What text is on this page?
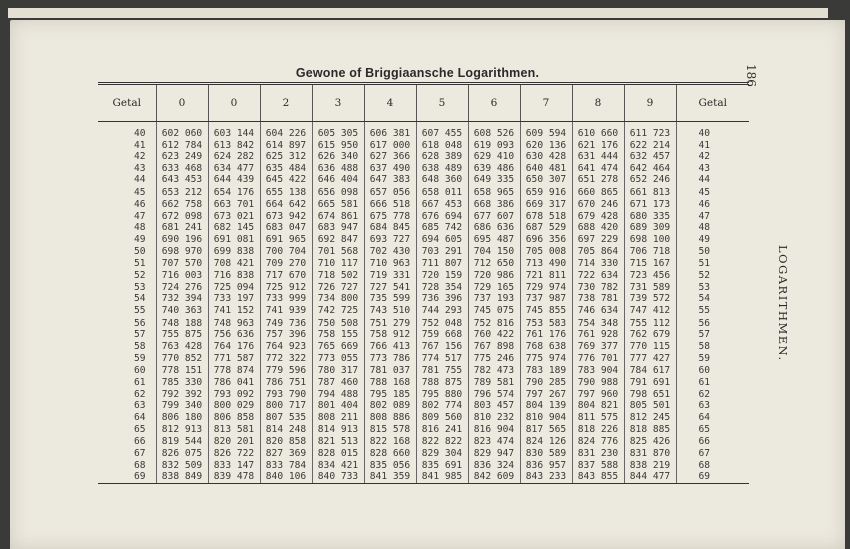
Gewone of Briggiaansche Logarithmen.	186
LOGARITHMEN.
Getal	0	0	2	3	4	5	6	7	8	9	Getal
40	602 060	603 144	604 226	605 305	606 381	607 455	608 526	609 594	610 660	611 723	40
41	612 784	613 842	614 897	615 950	617 000	618 048	619 093	620 136	621 176	622 214	41
42	623 249	624 282	625 312	626 340	627 366	628 389	629 410	630 428	631 444	632 457	42
43	633 468	634 477	635 484	636 488	637 490	638 489	639 486	640 481	641 474	642 464	43
44	643 453	644 439	645 422	646 404	647 383	648 360	649 335	650 307	651 278	652 246	44
45	653 212	654 176	655 138	656 098	657 056	658 011	658 965	659 916	660 865	661 813	45
46	662 758	663 701	664 642	665 581	666 518	667 453	668 386	669 317	670 246	671 173	46
47	672 098	673 021	673 942	674 861	675 778	676 694	677 607	678 518	679 428	680 335	47
48	681 241	682 145	683 047	683 947	684 845	685 742	686 636	687 529	688 420	689 309	48
49	690 196	691 081	691 965	692 847	693 727	694 605	695 487	696 356	697 229	698 100	49
50	698 970	699 838	700 704	701 568	702 430	703 291	704 150	705 008	705 864	706 718	50
51	707 570	708 421	709 270	710 117	710 963	711 807	712 650	713 490	714 330	715 167	51
52	716 003	716 838	717 670	718 502	719 331	720 159	720 986	721 811	722 634	723 456	52
53	724 276	725 094	725 912	726 727	727 541	728 354	729 165	729 974	730 782	731 589	53
54	732 394	733 197	733 999	734 800	735 599	736 396	737 193	737 987	738 781	739 572	54
55	740 363	741 152	741 939	742 725	743 510	744 293	745 075	745 855	746 634	747 412	55
56	748 188	748 963	749 736	750 508	751 279	752 048	752 816	753 583	754 348	755 112	56
57	755 875	756 636	757 396	758 155	758 912	759 668	760 422	761 176	761 928	762 679	57
58	763 428	764 176	764 923	765 669	766 413	767 156	767 898	768 638	769 377	770 115	58
59	770 852	771 587	772 322	773 055	773 786	774 517	775 246	775 974	776 701	777 427	59
60	778 151	778 874	779 596	780 317	781 037	781 755	782 473	783 189	783 904	784 617	60
61	785 330	786 041	786 751	787 460	788 168	788 875	789 581	790 285	790 988	791 691	61
62	792 392	793 092	793 790	794 488	795 185	795 880	796 574	797 267	797 960	798 651	62
63	799 340	800 029	800 717	801 404	802 089	802 774	803 457	804 139	804 821	805 501	63
64	806 180	806 858	807 535	808 211	808 886	809 560	810 232	810 904	811 575	812 245	64
65	812 913	813 581	814 248	814 913	815 578	816 241	816 904	817 565	818 226	818 885	65
66	819 544	820 201	820 858	821 513	822 168	822 822	823 474	824 126	824 776	825 426	66
67	826 075	826 722	827 369	828 015	828 660	829 304	829 947	830 589	831 230	831 870	67
68	832 509	833 147	833 784	834 421	835 056	835 691	836 324	836 957	837 588	838 219	68
69	838 849	839 478	840 106	840 733	841 359	841 985	842 609	843 233	843 855	844 477	69
